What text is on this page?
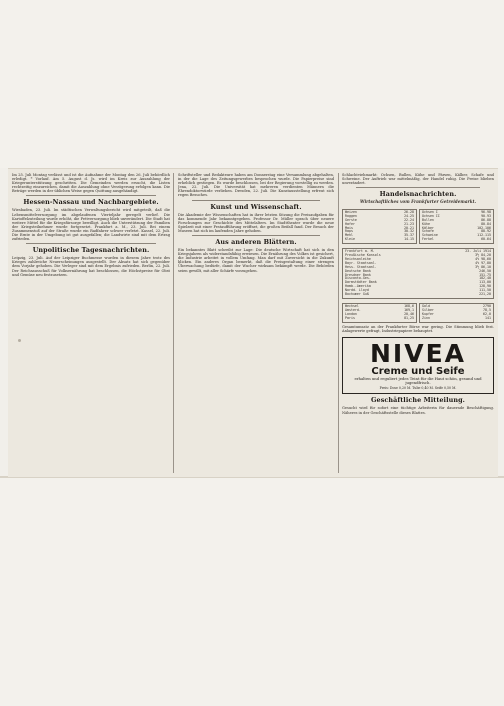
Im 25. Juli Montag verlässt und ist die Aufnahme der Montag den 26. Juli behördlich erledigt. * Vorlauf. Am 5. August d. Js. wird im Kreis zur Auszahlung der Kriegerunterstützung geschritten. Die Gemeinden werden ersucht, die Listen rechtzeitig einzureichen, damit die Auszahlung ohne Verzögerung erfolgen kann. Die Beträge werden in der üblichen Weise gegen Quittung ausgehändigt.

Hessen-Nassau und Nachbargebiete.

Wiesbaden, 23. Juli. Im städtischen Verwaltungsbericht wird mitgeteilt, daß die Lebensmittelversorgung im abgelaufenen Vierteljahr geregelt verlief. Die Kartoffelzuteilung wurde erhöht, die Fettversorgung blieb unverändert. Die Stadt hat weitere Mittel für die Kriegsfürsorge bewilligt. Auch die Unterstützung der Familien der Kriegsteilnehmer wurde fortgesetzt. Frankfurt a. M., 23. Juli. Bei einem Zusammenstoß auf der Straße wurde ein Radfahrer schwer verletzt. Kassel, 22. Juli. Die Ernte in der Umgebung ist gut ausgefallen; die Landwirte sind mit dem Ertrag zufrieden.

Unpolitische Tagesnachrichten.

Leipzig, 23. Juli. Auf der Leipziger Buchmesse wurden in diesem Jahre trotz des Krieges zahlreiche Neuerscheinungen ausgestellt. Der Absatz hat sich gegenüber dem Vorjahr gehoben. Die Verleger sind mit dem Ergebnis zufrieden. Berlin, 22. Juli. Der Reichsausschuß für Volksernährung hat beschlossen, die Höchstpreise für Obst und Gemüse neu festzusetzen.

Schriftsteller und Redakteure haben am Donnerstag eine Versammlung abgehalten, in der die Lage des Zeitungsgewerbes besprochen wurde. Die Papierpreise sind erheblich gestiegen. Es wurde beschlossen, bei der Regierung vorstellig zu werden. Jena, 22. Juli. Die Universität hat mehreren verdienten Männern die Ehrendoktorwürde verliehen. Dresden, 22. Juli. Die Kunstausstellung erfreut sich regen Besuches.

Kunst und Wissenschaft.

Die Akademie der Wissenschaften hat in ihrer letzten Sitzung die Preisaufgaben für das kommende Jahr bekanntgegeben. Professor Dr. Müller sprach über neuere Forschungen zur Geschichte des Mittelalters. Im Stadttheater wurde die neue Spielzeit mit einer Festaufführung eröffnet, die großen Beifall fand. Der Besuch der Museen hat sich im laufenden Jahre gehoben.

Aus anderen Blättern.

Ein bekanntes Blatt schreibt zur Lage: Die deutsche Wirtschaft hat sich in den Kriegsjahren als widerstandsfähig erwiesen. Die Ernährung des Volkes ist gesichert, die Industrie arbeitet in vollem Umfang. Man darf mit Zuversicht in die Zukunft blicken. Ein anderes Organ bemerkt, daß die Preisgestaltung einer strengen Überwachung bedürfe, damit der Wucher wirksam bekämpft werde. Die Behörden seien gewillt, mit aller Schärfe vorzugehen.

Schlachtviehmarkt: Ochsen, Bullen, Kühe und Färsen, Kälber, Schafe und Schweine. Der Auftrieb war mittelmäßig, der Handel ruhig. Die Preise blieben unverändert.

Handelsnachrichten.
Wirtschaftliches vom Frankfurter Getreidemarkt.
Weizen	26-28
Roggen	24-25
Gerste	22-24
Hafer	21-23
Mais	20-21
Raps	30-32
Mehl	35-37
Kleie	14-15
Ochsen I	96-98
Ochsen II	90-93
Bullen	86-88
Kühe	80-84
Kälber	102-106
Schafe	88-92
Schweine	112-115
Ferkel	60-64
Frankfurt a. M.	23. Juli 1914
Preußische Konsols	3½ 84,20
Reichsanleihe	4% 98,60
Bayr. Staatsanl.	4% 97,80
Hess. Staatsanl.	3½ 86,10
Deutsche Bank	246,50
Dresdner Bank	151,75
Disconto-Ges.	182,40
Darmstädter Bank	113,00
Hamb.-Amerika	128,90
Nordd. Lloyd	111,50
Bochumer Guß	221,20
Wechsel	168,6
Amsterd.	169,1
London	20,46
Paris	81,25
Gold	2790
Silber	78,5
Kupfer	62,0
Zinn	141

Gesamtumsatz an der Frankfurter Börse war gering. Die Stimmung blieb fest. Anlagewerte gefragt, Industriepapiere behauptet.

NIVEA
Creme und Seife
erhalten und reguliert jedes Teint für die Haut schön, gesund und jugendfrisch.
Preis: Dose 0,20 M. Tube 0,40 M. Seife 0,50 M.
Geschäftliche Mitteilung.

Gesucht wird für sofort eine tüchtige Arbeiterin für dauernde Beschäftigung. Näheres in der Geschäftsstelle dieses Blattes.
